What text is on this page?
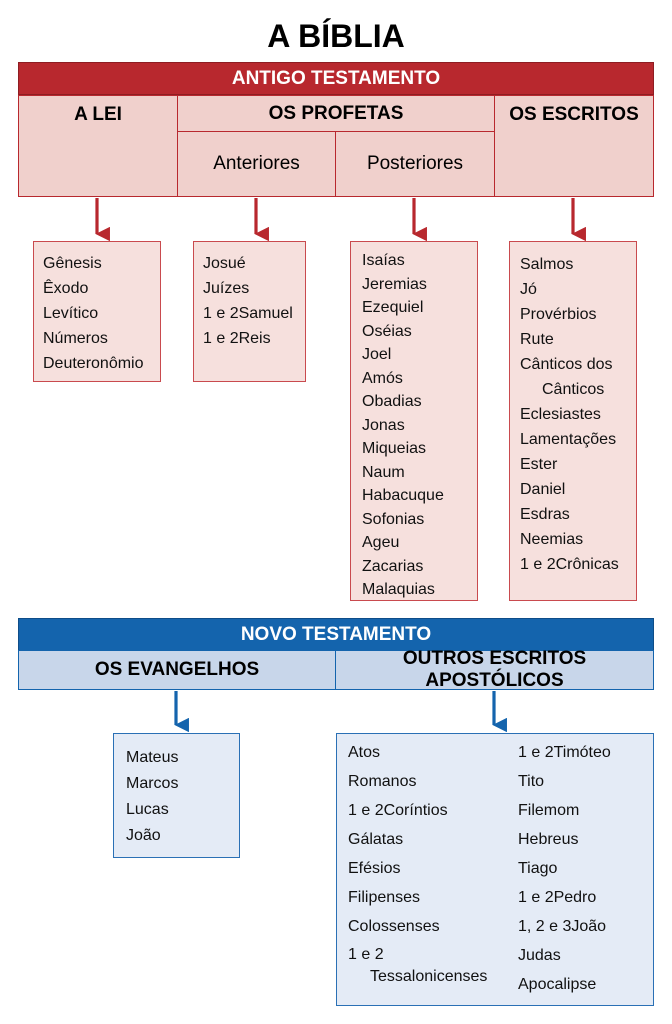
A BÍBLIA
ANTIGO TESTAMENTO
A LEI	OS PROFETAS
Anteriores	Posteriores
OS ESCRITOS
Gênesis
Êxodo
Levítico
Números
Deuteronômio
Josué
Juízes
1 e 2Samuel
1 e 2Reis
Isaías
Jeremias
Ezequiel
Oséias
Joel
Amós
Obadias
Jonas
Miqueias
Naum
Habacuque
Sofonias
Ageu
Zacarias
Malaquias
Salmos
Jó
Provérbios
Rute
Cânticos dos
Cânticos
Eclesiastes
Lamentações
Ester
Daniel
Esdras
Neemias
1 e 2Crônicas
NOVO TESTAMENTO
OS EVANGELHOS
OUTROS ESCRITOS APOSTÓLICOS
Mateus
Marcos
Lucas
João
Atos
Romanos
1 e 2Coríntios
Gálatas
Efésios
Filipenses
Colossenses
1 e 2
Tessalonicenses
1 e 2Timóteo
Tito
Filemom
Hebreus
Tiago
1 e 2Pedro
1, 2 e 3João
Judas
Apocalipse
